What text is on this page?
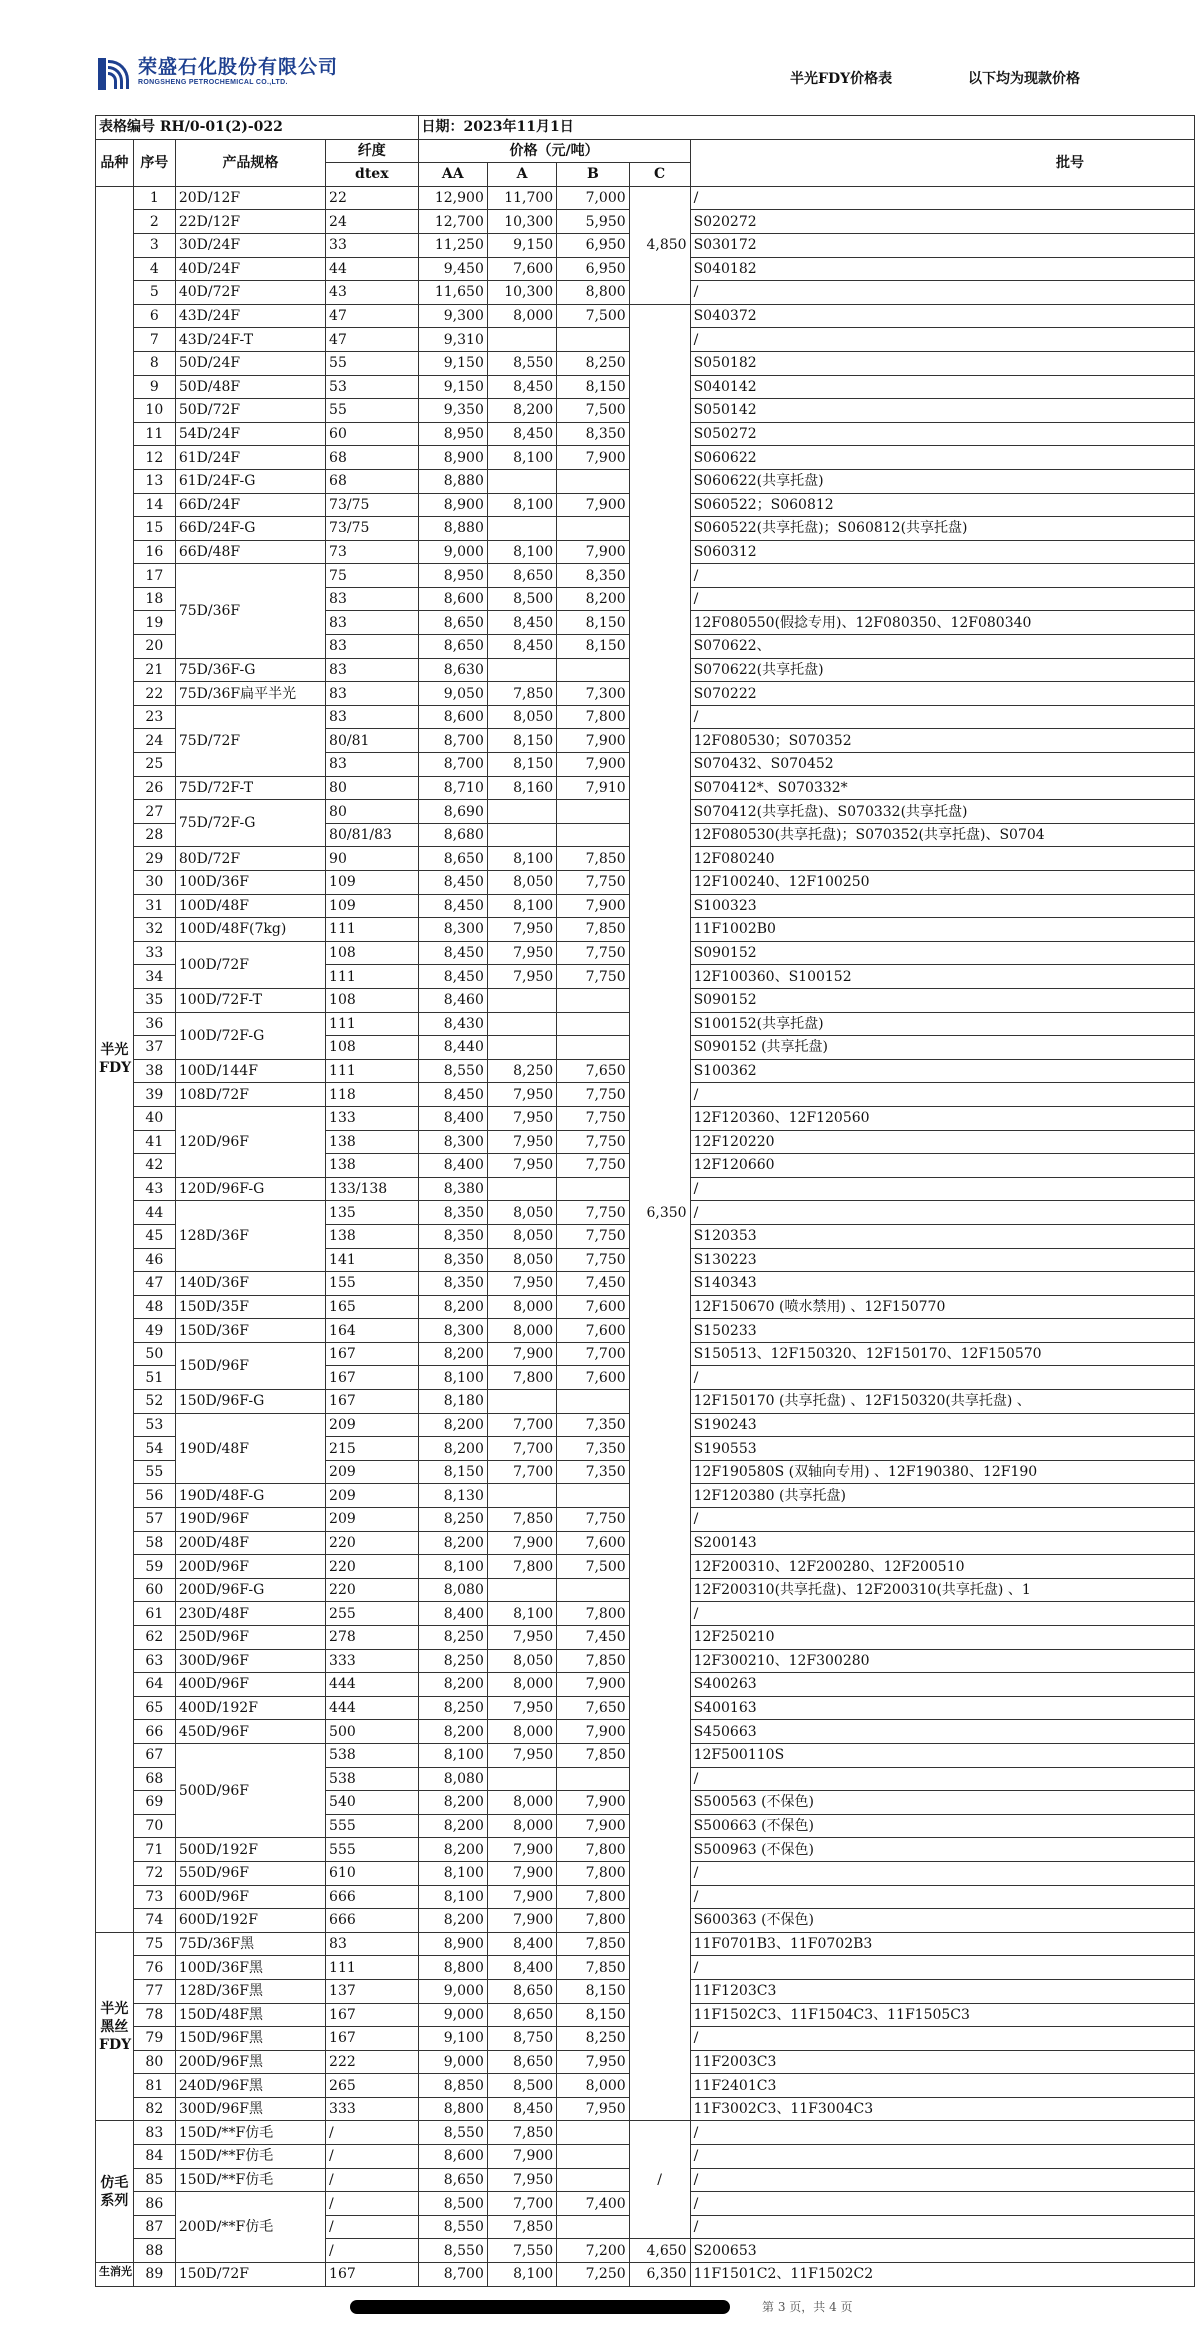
荣盛石化股份有限公司
RONGSHENG PETROCHEMICAL CO.,LTD.	半光FDY价格表	以下均为现款价格
表格编号 RH/0-01(2)-022				日期：2023年11月1日				
品种	序号	产品规格	纤度	价格（元/吨）				批号
			dtex	AA	A	B	C	

半光
FDY	1	20D/12F	22	12,900	11,700	7,000	4,850	/
	2	22D/12F	24	12,700	10,300	5,950		S020272
	3	30D/24F	33	11,250	9,150	6,950		S030172
	4	40D/24F	44	9,450	7,600	6,950		S040182
	5	40D/72F	43	11,650	10,300	8,800		/
	6	43D/24F	47	9,300	8,000	7,500	6,350	S040372
	7	43D/24F-T	47	9,310				/
	8	50D/24F	55	9,150	8,550	8,250		S050182
	9	50D/48F	53	9,150	8,450	8,150		S040142
	10	50D/72F	55	9,350	8,200	7,500		S050142
	11	54D/24F	60	8,950	8,450	8,350		S050272
	12	61D/24F	68	8,900	8,100	7,900		S060622
	13	61D/24F-G	68	8,880				S060622(共享托盘)
	14	66D/24F	73/75	8,900	8,100	7,900		S060522；S060812
	15	66D/24F-G	73/75	8,880				S060522(共享托盘)；S060812(共享托盘)
	16	66D/48F	73	9,000	8,100	7,900		S060312
	17	75D/36F	75	8,950	8,650	8,350		/
	18		83	8,600	8,500	8,200		/
	19		83	8,650	8,450	8,150		12F080550(假捻专用)、12F080350、12F080340
	20		83	8,650	8,450	8,150		S070622、
	21	75D/36F-G	83	8,630				S070622(共享托盘)
	22	75D/36F扁平半光	83	9,050	7,850	7,300		S070222
	23	75D/72F	83	8,600	8,050	7,800		/
	24		80/81	8,700	8,150	7,900		12F080530；S070352
	25		83	8,700	8,150	7,900		S070432、S070452
	26	75D/72F-T	80	8,710	8,160	7,910		S070412*、S070332*
	27	75D/72F-G	80	8,690				S070412(共享托盘)、S070332(共享托盘)
	28		80/81/83	8,680				12F080530(共享托盘)；S070352(共享托盘)、S0704
	29	80D/72F	90	8,650	8,100	7,850		12F080240
	30	100D/36F	109	8,450	8,050	7,750		12F100240、12F100250
	31	100D/48F	109	8,450	8,100	7,900		S100323
	32	100D/48F(7kg)	111	8,300	7,950	7,850		11F1002B0
	33	100D/72F	108	8,450	7,950	7,750		S090152
	34		111	8,450	7,950	7,750		12F100360、S100152
	35	100D/72F-T	108	8,460				S090152
	36	100D/72F-G	111	8,430				S100152(共享托盘)
	37		108	8,440				S090152 (共享托盘)
	38	100D/144F	111	8,550	8,250	7,650		S100362
	39	108D/72F	118	8,450	7,950	7,750		/
	40	120D/96F	133	8,400	7,950	7,750		12F120360、12F120560
	41		138	8,300	7,950	7,750		12F120220
	42		138	8,400	7,950	7,750		12F120660
	43	120D/96F-G	133/138	8,380				/
	44	128D/36F	135	8,350	8,050	7,750		/
	45		138	8,350	8,050	7,750		S120353
	46		141	8,350	8,050	7,750		S130223
	47	140D/36F	155	8,350	7,950	7,450		S140343
	48	150D/35F	165	8,200	8,000	7,600		12F150670 (喷水禁用) 、12F150770
	49	150D/36F	164	8,300	8,000	7,600		S150233
	50	150D/96F	167	8,200	7,900	7,700		S150513、12F150320、12F150170、12F150570
	51		167	8,100	7,800	7,600		/
	52	150D/96F-G	167	8,180				12F150170 (共享托盘) 、12F150320(共享托盘) 、
	53	190D/48F	209	8,200	7,700	7,350		S190243
	54		215	8,200	7,700	7,350		S190553
	55		209	8,150	7,700	7,350		12F190580S (双轴向专用) 、12F190380、12F190
	56	190D/48F-G	209	8,130				12F120380 (共享托盘)
	57	190D/96F	209	8,250	7,850	7,750		/
	58	200D/48F	220	8,200	7,900	7,600		S200143
	59	200D/96F	220	8,100	7,800	7,500		12F200310、12F200280、12F200510
	60	200D/96F-G	220	8,080				12F200310(共享托盘)、12F200310(共享托盘) 、1
	61	230D/48F	255	8,400	8,100	7,800		/
	62	250D/96F	278	8,250	7,950	7,450		12F250210
	63	300D/96F	333	8,250	8,050	7,850		12F300210、12F300280
	64	400D/96F	444	8,200	8,000	7,900		S400263
	65	400D/192F	444	8,250	7,950	7,650		S400163
	66	450D/96F	500	8,200	8,000	7,900		S450663
	67	500D/96F	538	8,100	7,950	7,850		12F500110S
	68		538	8,080				/
	69		540	8,200	8,000	7,900		S500563 (不保色)
	70		555	8,200	8,000	7,900		S500663 (不保色)
	71	500D/192F	555	8,200	7,900	7,800		S500963 (不保色)
	72	550D/96F	610	8,100	7,900	7,800		/
	73	600D/96F	666	8,100	7,900	7,800		/
	74	600D/192F	666	8,200	7,900	7,800		S600363 (不保色)

半光
黑丝
FDY	75	75D/36F黑	83	8,900	8,400	7,850		11F0701B3、11F0702B3
	76	100D/36F黑	111	8,800	8,400	7,850		/
	77	128D/36F黑	137	9,000	8,650	8,150		11F1203C3
	78	150D/48F黑	167	9,000	8,650	8,150		11F1502C3、11F1504C3、11F1505C3
	79	150D/96F黑	167	9,100	8,750	8,250		/
	80	200D/96F黑	222	9,000	8,650	7,950		11F2003C3
	81	240D/96F黑	265	8,850	8,500	8,000		11F2401C3
	82	300D/96F黑	333	8,800	8,450	7,950		11F3002C3、11F3004C3

仿毛
系列	83	150D/**F仿毛	/	8,550	7,850		/	/
	84	150D/**F仿毛	/	8,600	7,900			/
	85	150D/**F仿毛	/	8,650	7,950			/
	86	200D/**F仿毛	/	8,500	7,700	7,400		/
	87		/	8,550	7,850			/
	88		/	8,550	7,550	7,200	4,650	S200653

生消光	89	150D/72F	167	8,700	8,100	7,250	6,350	11F1501C2、11F1502C2
第 3 页，共 4 页
